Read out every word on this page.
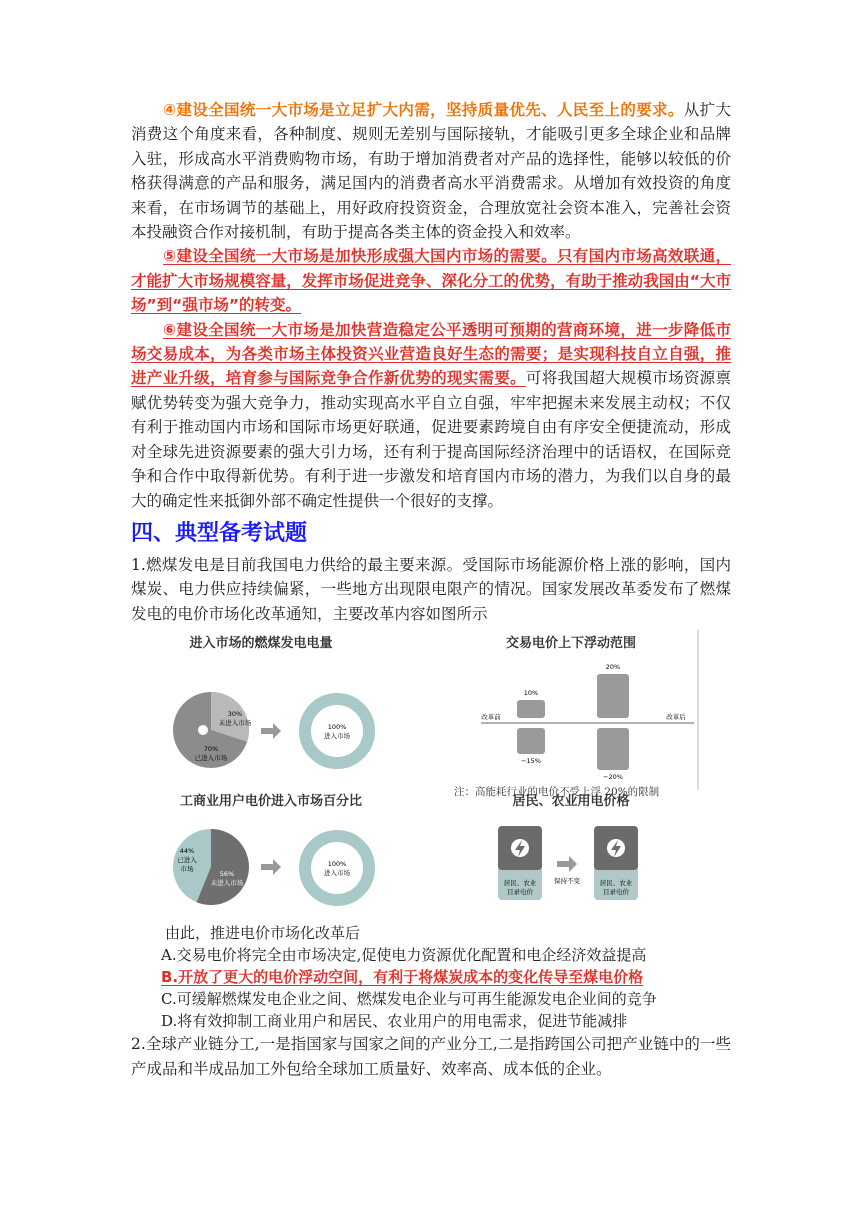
④建设全国统一大市场是立足扩大内需，坚持质量优先、人民至上的要求。从扩大消费这个角度来看，各种制度、规则无差别与国际接轨，才能吸引更多全球企业和品牌入驻，形成高水平消费购物市场，有助于增加消费者对产品的选择性，能够以较低的价格获得满意的产品和服务，满足国内的消费者高水平消费需求。从增加有效投资的角度来看，在市场调节的基础上，用好政府投资资金，合理放宽社会资本准入，完善社会资本投融资合作对接机制，有助于提高各类主体的资金投入和效率。

⑤建设全国统一大市场是加快形成强大国内市场的需要。只有国内市场高效联通，才能扩大市场规模容量，发挥市场促进竞争、深化分工的优势，有助于推动我国由“大市场”到“强市场”的转变。

⑥建设全国统一大市场是加快营造稳定公平透明可预期的营商环境，进一步降低市场交易成本，为各类市场主体投资兴业营造良好生态的需要；是实现科技自立自强，推进产业升级，培育参与国际竞争合作新优势的现实需要。可将我国超大规模市场资源禀赋优势转变为强大竞争力，推动实现高水平自立自强，牢牢把握未来发展主动权；不仅有利于推动国内市场和国际市场更好联通，促进要素跨境自由有序安全便捷流动，形成对全球先进资源要素的强大引力场，还有利于提高国际经济治理中的话语权，在国际竞争和合作中取得新优势。有利于进一步激发和培育国内市场的潜力，为我们以自身的最大的确定性来抵御外部不确定性提供一个很好的支撑。

四、典型备考试题

1.燃煤发电是目前我国电力供给的最主要来源。受国际市场能源价格上涨的影响，国内煤炭、电力供应持续偏紧，一些地方出现限电限产的情况。国家发展改革委发布了燃煤发电的电价市场化改革通知，主要改革内容如图所示

30%
未进入市场
70%
已进入市场
100%
进入市场
改革前	改革后
10%
−15%
20%
−20%
注：高能耗行业的电价不受上浮 20%的限制
44%
已进入
市场
56%
未进入市场
100%
进入市场
居民、农业
目录电价
保持不变	居民、农业
目录电价
进入市场的燃煤发电电量	交易电价上下浮动范围
工商业用户电价进入市场百分比	居民、农业用电价格

由此，推进电价市场化改革后

A.交易电价将完全由市场决定,促使电力资源优化配置和电企经济效益提高

B.开放了更大的电价浮动空间，有利于将煤炭成本的变化传导至煤电价格

C.可缓解燃煤发电企业之间、燃煤发电企业与可再生能源发电企业间的竞争

D.将有效抑制工商业用户和居民、农业用户的用电需求，促进节能减排

2.全球产业链分工,一是指国家与国家之间的产业分工,二是指跨国公司把产业链中的一些产成品和半成品加工外包给全球加工质量好、效率高、成本低的企业。
